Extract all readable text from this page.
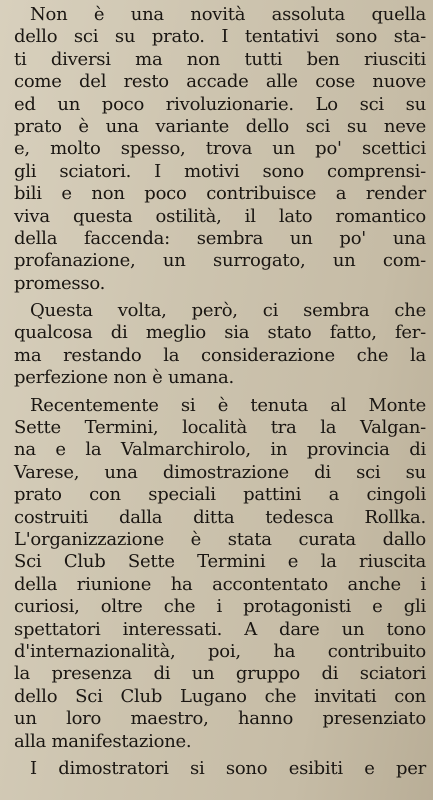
Non è una novità assoluta quella
dello sci su prato. I tentativi sono sta-
ti diversi ma non tutti ben riusciti
come del resto accade alle cose nuove
ed un poco rivoluzionarie. Lo sci su
prato è una variante dello sci su neve
e, molto spesso, trova un po' scettici
gli sciatori. I motivi sono comprensi-
bili e non poco contribuisce a render
viva questa ostilità, il lato romantico
della faccenda: sembra un po' una
profanazione, un surrogato, un com-
promesso.
Questa volta, però, ci sembra che
qualcosa di meglio sia stato fatto, fer-
ma restando la considerazione che la
perfezione non è umana.
Recentemente si è tenuta al Monte
Sette Termini, località tra la Valgan-
na e la Valmarchirolo, in provincia di
Varese, una dimostrazione di sci su
prato con speciali pattini a cingoli
costruiti dalla ditta tedesca Rollka.
L'organizzazione è stata curata dallo
Sci Club Sette Termini e la riuscita
della riunione ha accontentato anche i
curiosi, oltre che i protagonisti e gli
spettatori interessati. A dare un tono
d'internazionalità, poi, ha contribuito
la presenza di un gruppo di sciatori
dello Sci Club Lugano che invitati con
un loro maestro, hanno presenziato
alla manifestazione.
I dimostratori si sono esibiti e per
